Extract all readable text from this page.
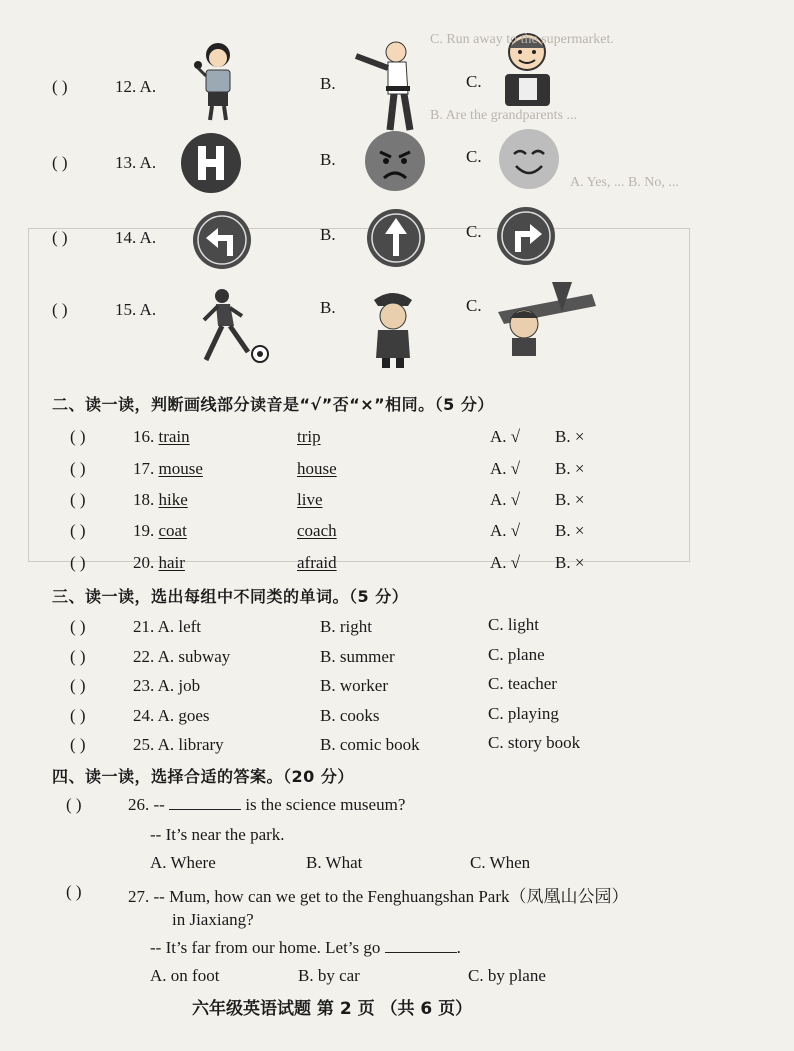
( )	12. A.	B.	C.
( )	13. A.	B.	C.
( )	14. A.	B.	C.
( )	15. A.	B.	C.
C. Run away to the supermarket.
B. Are the grandparents ...
A. Yes, ... B. No, ...
二、读一读，判断画线部分读音是“√”否“×”相同。（5 分）
( )	16. train	trip	A. √ B. ×
( )	17. mouse	house	A. √ B. ×
( )	18. hike	live	A. √ B. ×
( )	19. coat	coach	A. √ B. ×
( )	20. hair	afraid	A. √ B. ×
三、读一读，选出每组中不同类的单词。（5 分）
( )	21. A. left	B. right	C. light
( )	22. A. subway	B. summer	C. plane
( )	23. A. job	B. worker	C. teacher
( )	24. A. goes	B. cooks	C. playing
( )	25. A. library	B. comic book	C. story book
四、读一读，选择合适的答案。（20 分）
( )	26. --	is the science museum?
-- It’s near the park.
A. Where	B. What	C. When
( )	27. -- Mum, how can we get to the Fenghuangshan Park（凤凰山公园）
in Jiaxiang?
-- It’s far from our home. Let’s go	.
A. on foot	B. by car	C. by plane
六年级英语试题 第 2 页 （共 6 页）
